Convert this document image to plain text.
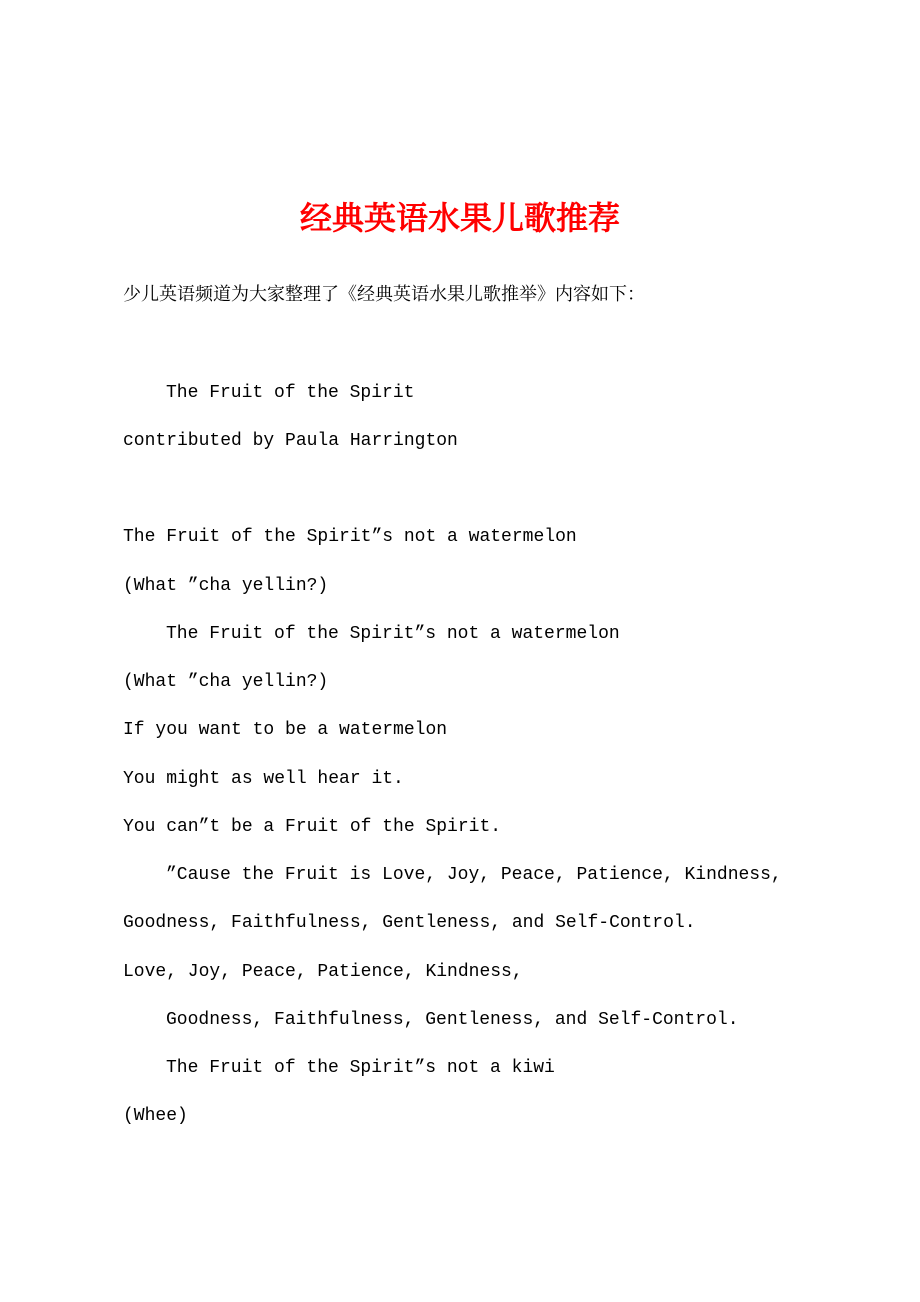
经典英语水果儿歌推荐
少儿英语频道为大家整理了《经典英语水果儿歌推举》内容如下：
The Fruit of the Spirit
contributed by Paula Harrington
The Fruit of the Spirit”s not a watermelon
(What ”cha yellin?)
The Fruit of the Spirit”s not a watermelon
(What ”cha yellin?)
If you want to be a watermelon
You might as well hear it.
You can”t be a Fruit of the Spirit.
”Cause the Fruit is Love, Joy, Peace, Patience, Kindness,
Goodness, Faithfulness, Gentleness, and Self-Control.
Love, Joy, Peace, Patience, Kindness,
Goodness, Faithfulness, Gentleness, and Self-Control.
The Fruit of the Spirit”s not a kiwi
(Whee)
